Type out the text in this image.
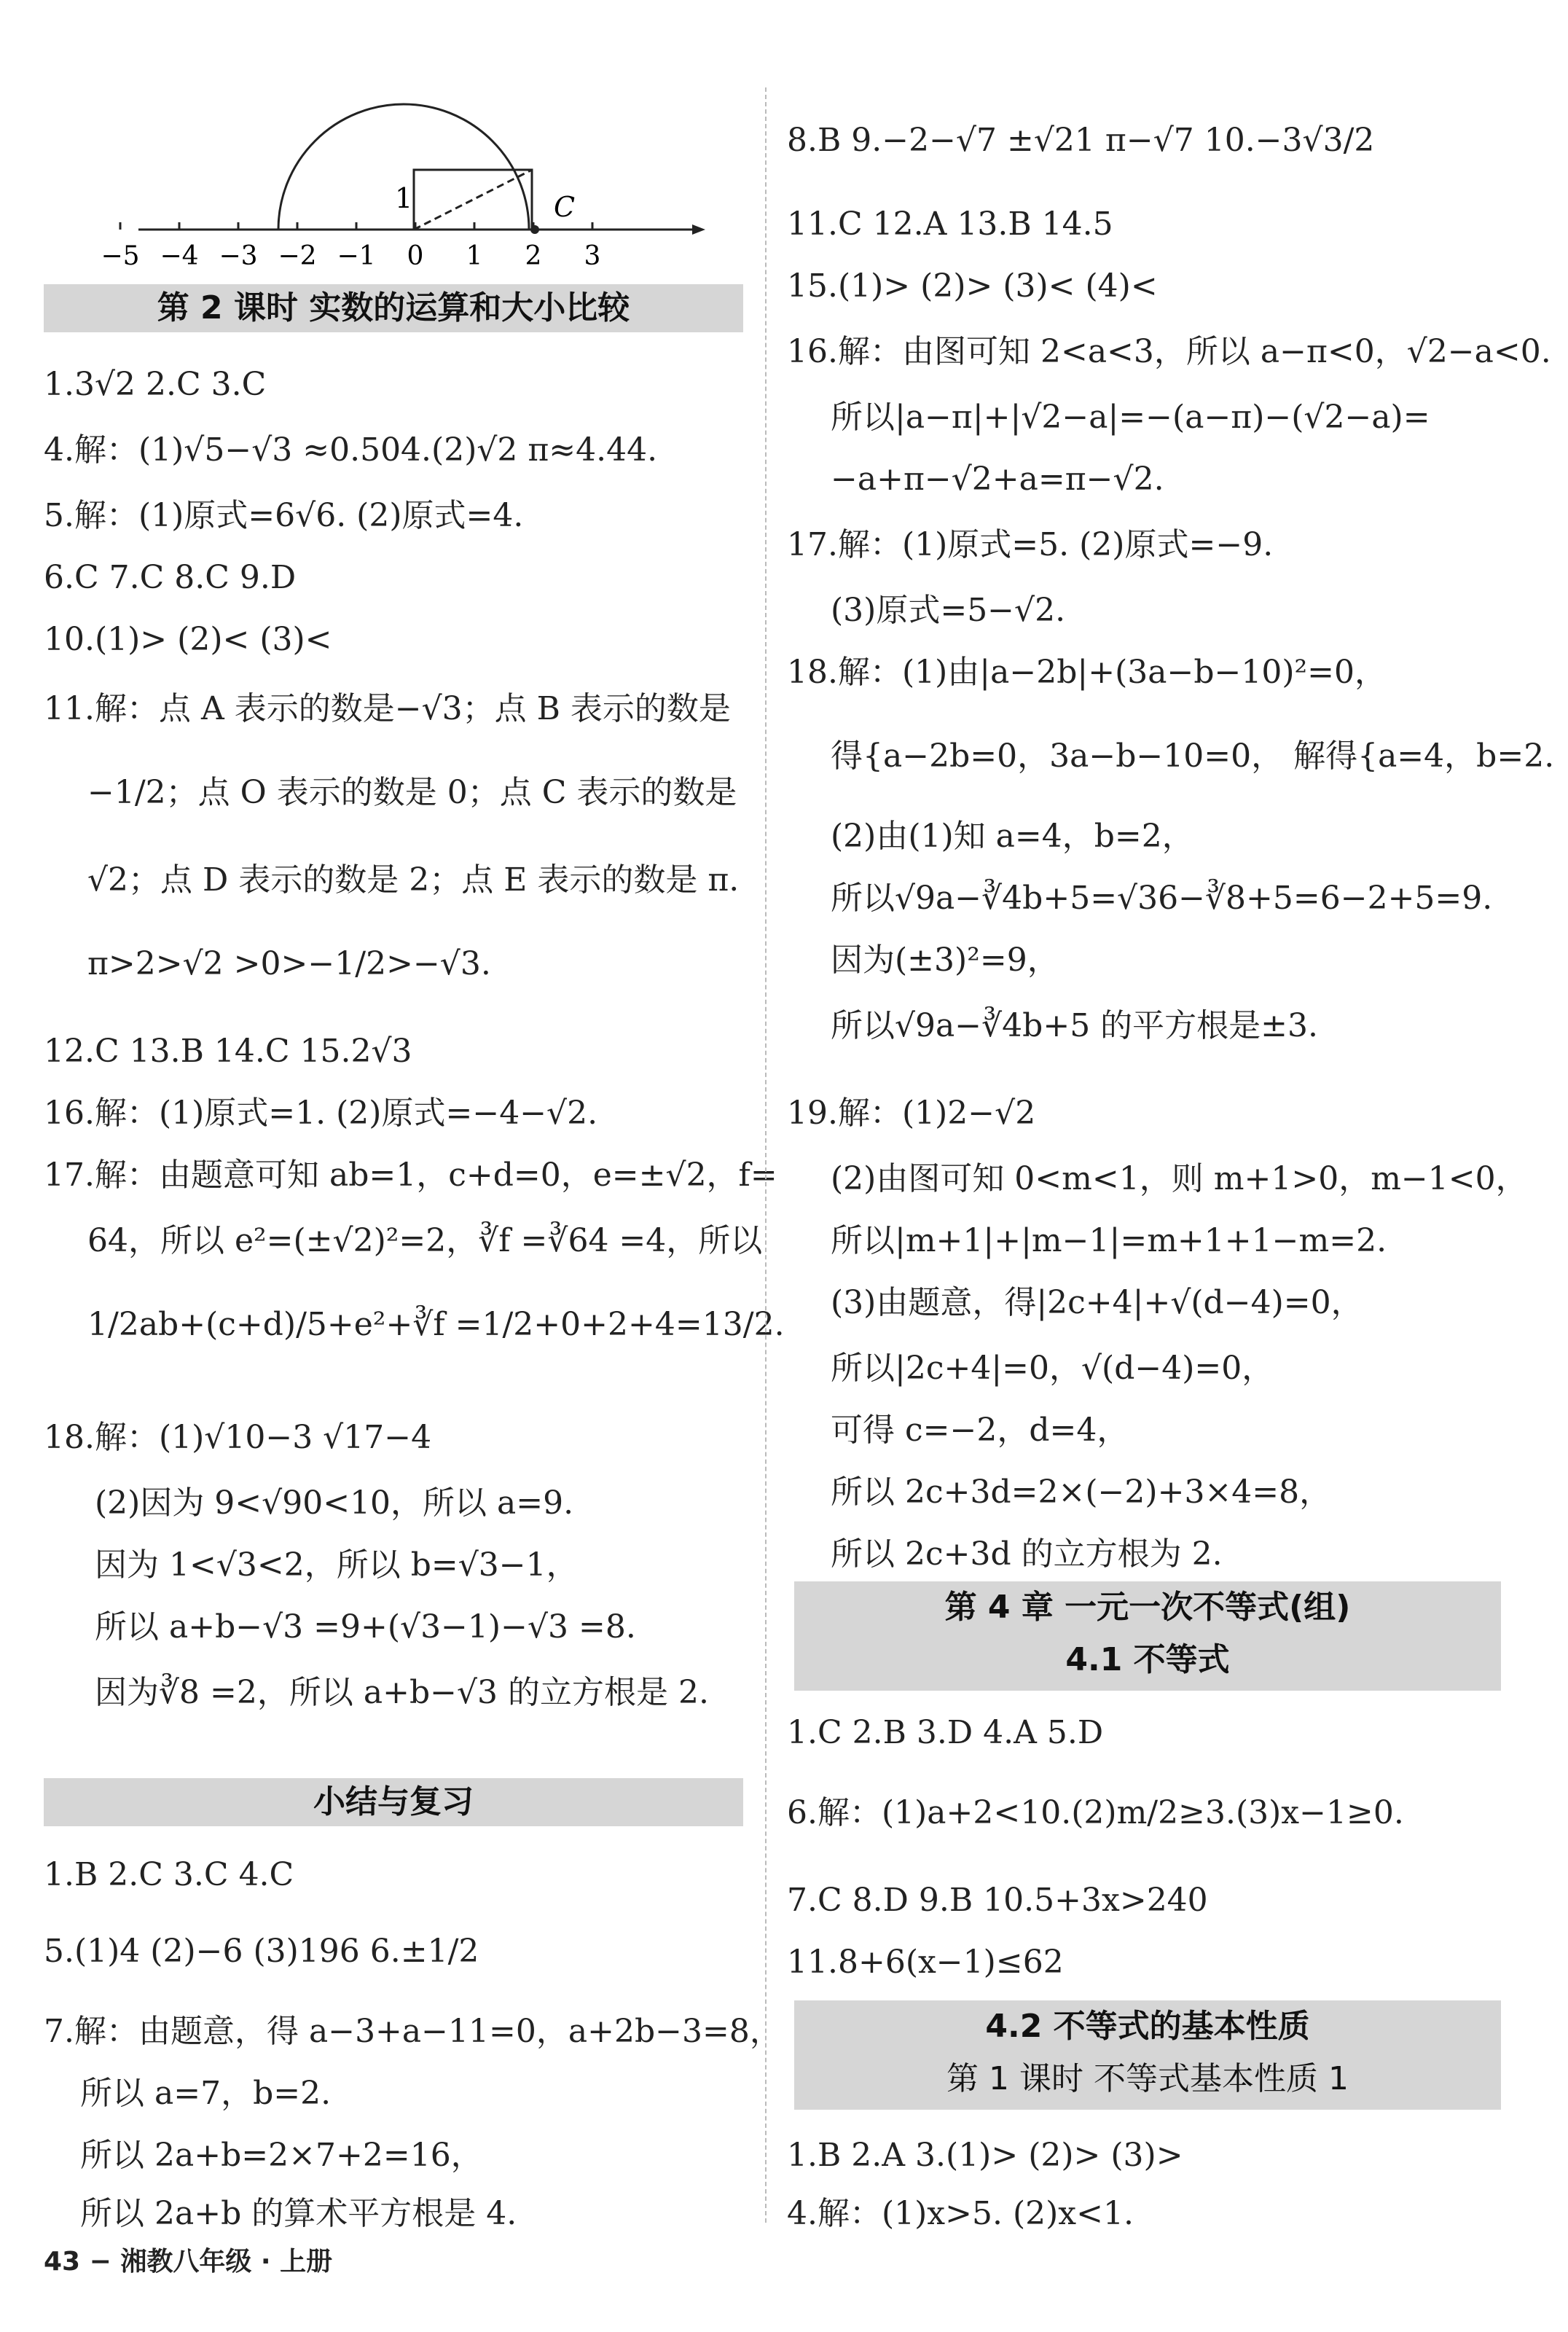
−5 −4 −3 −2 −1 0 1 2 3
1	C
第 2 课时 实数的运算和大小比较
1.3√2 2.C 3.C
4.解：(1)√5−√3 ≈0.504.(2)√2 π≈4.44.
5.解：(1)原式=6√6. (2)原式=4.
6.C 7.C 8.C 9.D
10.(1)> (2)< (3)<
11.解：点 A 表示的数是−√3；点 B 表示的数是
−1/2；点 O 表示的数是 0；点 C 表示的数是
√2；点 D 表示的数是 2；点 E 表示的数是 π.
π>2>√2 >0>−1/2>−√3.
12.C 13.B 14.C 15.2√3
16.解：(1)原式=1. (2)原式=−4−√2.
17.解：由题意可知 ab=1，c+d=0，e=±√2，f=
64，所以 e²=(±√2)²=2，∛f =∛64 =4，所以
1/2ab+(c+d)/5+e²+∛f =1/2+0+2+4=13/2.
18.解：(1)√10−3 √17−4
(2)因为 9<√90<10，所以 a=9.
因为 1<√3<2，所以 b=√3−1，
所以 a+b−√3 =9+(√3−1)−√3 =8.
因为∛8 =2，所以 a+b−√3 的立方根是 2.
小结与复习
1.B 2.C 3.C 4.C
5.(1)4 (2)−6 (3)196 6.±1/2
7.解：由题意，得 a−3+a−11=0，a+2b−3=8，
所以 a=7，b=2.
所以 2a+b=2×7+2=16，
所以 2a+b 的算术平方根是 4.
43 − 湘教八年级 · 上册
8.B 9.−2−√7 ±√21 π−√7 10.−3√3/2
11.C 12.A 13.B 14.5
15.(1)> (2)> (3)< (4)<
16.解：由图可知 2<a<3，所以 a−π<0，√2−a<0.
所以|a−π|+|√2−a|=−(a−π)−(√2−a)=
−a+π−√2+a=π−√2.
17.解：(1)原式=5. (2)原式=−9.
(3)原式=5−√2.
18.解：(1)由|a−2b|+(3a−b−10)²=0，
得{a−2b=0，3a−b−10=0， 解得{a=4，b=2.
(2)由(1)知 a=4，b=2，
所以√9a−∛4b+5=√36−∛8+5=6−2+5=9.
因为(±3)²=9，
所以√9a−∛4b+5 的平方根是±3.
19.解：(1)2−√2
(2)由图可知 0<m<1，则 m+1>0，m−1<0，
所以|m+1|+|m−1|=m+1+1−m=2.
(3)由题意，得|2c+4|+√(d−4)=0，
所以|2c+4|=0，√(d−4)=0，
可得 c=−2，d=4，
所以 2c+3d=2×(−2)+3×4=8，
所以 2c+3d 的立方根为 2.
第 4 章 一元一次不等式(组)
4.1 不等式
1.C 2.B 3.D 4.A 5.D
6.解：(1)a+2<10.(2)m/2≥3.(3)x−1≥0.
7.C 8.D 9.B 10.5+3x>240
11.8+6(x−1)≤62
4.2 不等式的基本性质
第 1 课时 不等式基本性质 1
1.B 2.A 3.(1)> (2)> (3)>
4.解：(1)x>5. (2)x<1.
